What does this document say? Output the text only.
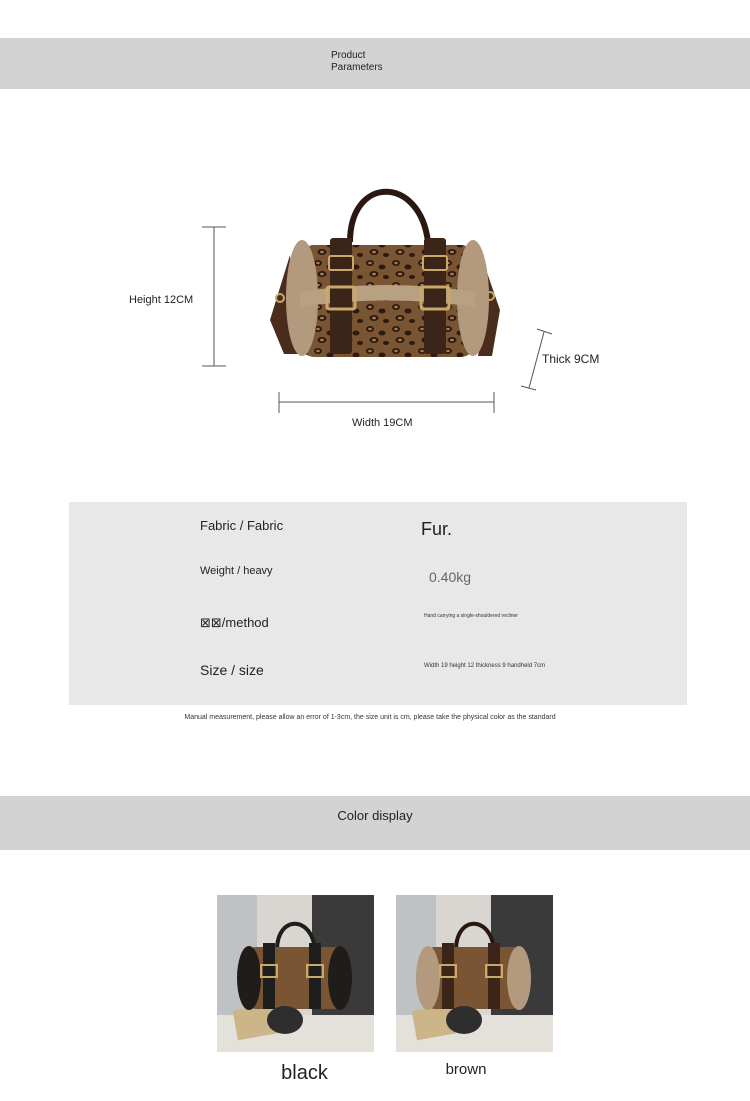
Product
Parameters
Height 12CM
Width 19CM
Thick 9CM
Fabric / Fabric	Fur.
Weight / heavy	0.40kg
⊠⊠/method	Hand carrying a single-shouldered recliner
Size / size	Width 19 height 12 thickness 9 handheld 7cm
Manual measurement, please allow an error of 1-3cm, the size unit is cm, please take the physical color as the standard
Color display
black	brown
